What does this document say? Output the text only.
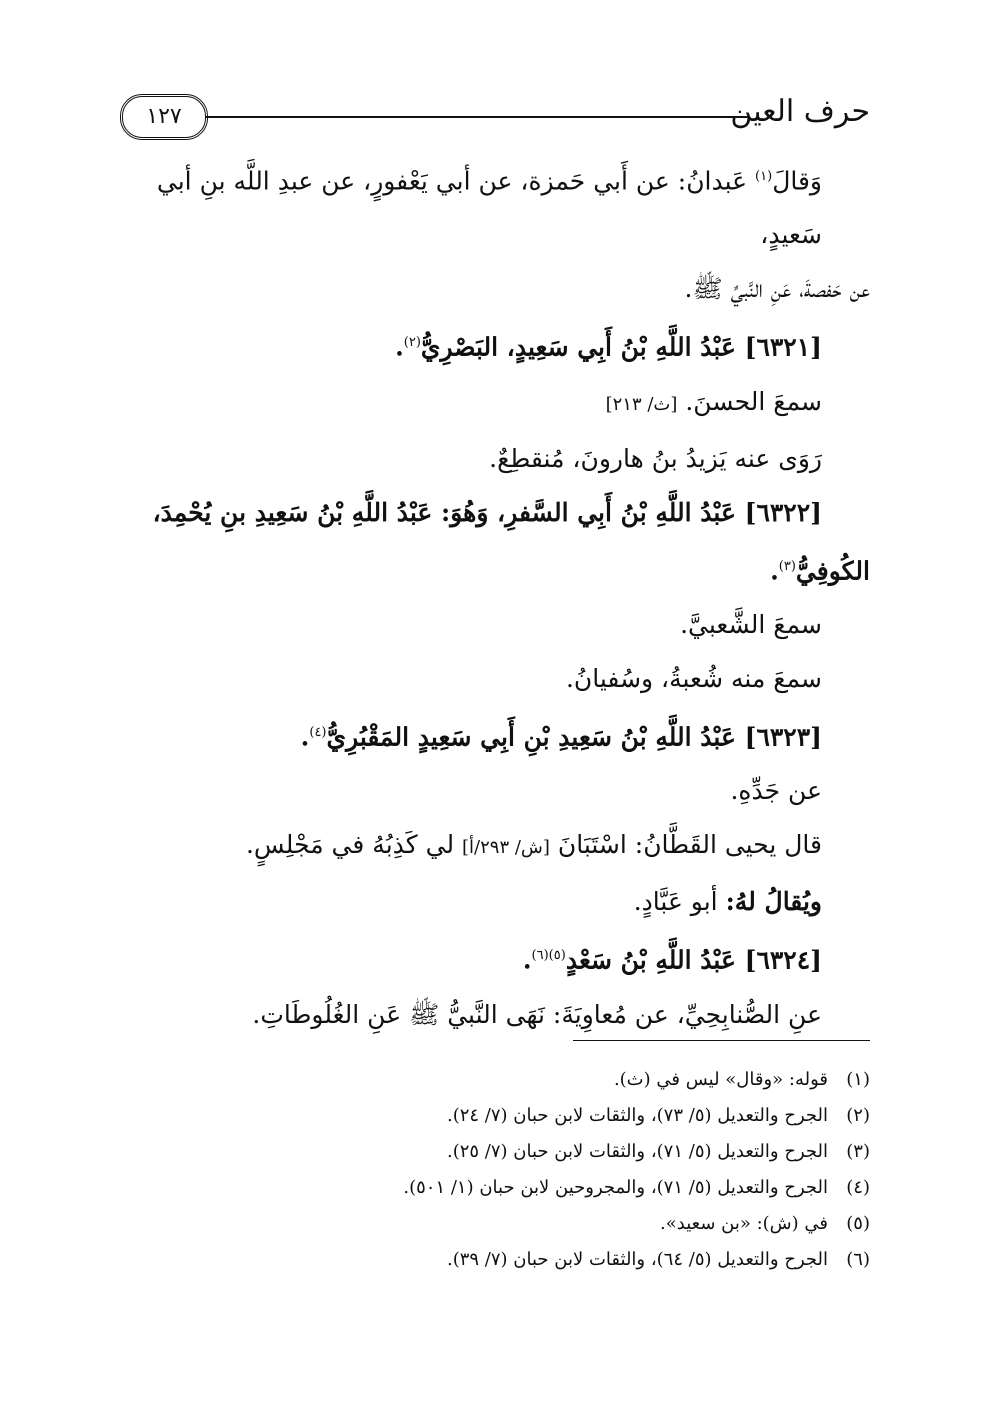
حرف العين
١٢٧
وَقالَ$^{(١)}$ عَبدانُ: عن أَبي حَمزة، عن أبي يَعْفورٍ، عن عبدِ اللَّه بنِ أبي سَعيدٍ،
عن حَفصةَ، عَنِ النَّبيِّ ﷺ.
[٦٣٢١] عَبْدُ اللَّهِ بْنُ أَبِي سَعِيدٍ، البَصْرِيُّ$^{(٢)}$.
سمعَ الحسنَ. [ث/ ٢١٣]
رَوَى عنه يَزيدُ بنُ هارونَ، مُنقطِعٌ.
[٦٣٢٢] عَبْدُ اللَّهِ بْنُ أَبِي السَّفرِ، وَهُوَ: عَبْدُ اللَّهِ بْنُ سَعِيدِ بنِ يُحْمِدَ،
الكُوفِيُّ$^{(٣)}$.
سمعَ الشَّعبيَّ.
سمعَ منه شُعبةُ، وسُفيانُ.
[٦٣٢٣] عَبْدُ اللَّهِ بْنُ سَعِيدِ بْنِ أَبِي سَعِيدٍ المَقْبُرِيُّ$^{(٤)}$.
عن جَدِّهِ.
قال يحيى القَطَّانُ: اسْتَبَانَ [ش/ ٢٩٣/أ] لي كَذِبُهُ في مَجْلِسٍ.
ويُقالُ لهُ: أبو عَبَّادٍ.
[٦٣٢٤] عَبْدُ اللَّهِ بْنُ سَعْدٍ$^{(٥)(٦)}$.
عنِ الصُّنابِحِيِّ، عن مُعاوِيَةَ: نَهَى النَّبيُّ ﷺ عَنِ الغُلُوطَاتِ.
(١)قوله: «وقال» ليس في (ث).
(٢)الجرح والتعديل (٥/ ٧٣)، والثقات لابن حبان (٧/ ٢٤).
(٣)الجرح والتعديل (٥/ ٧١)، والثقات لابن حبان (٧/ ٢٥).
(٤)الجرح والتعديل (٥/ ٧١)، والمجروحين لابن حبان (١/ ٥٠١).
(٥)في (ش): «بن سعيد».
(٦)الجرح والتعديل (٥/ ٦٤)، والثقات لابن حبان (٧/ ٣٩).
